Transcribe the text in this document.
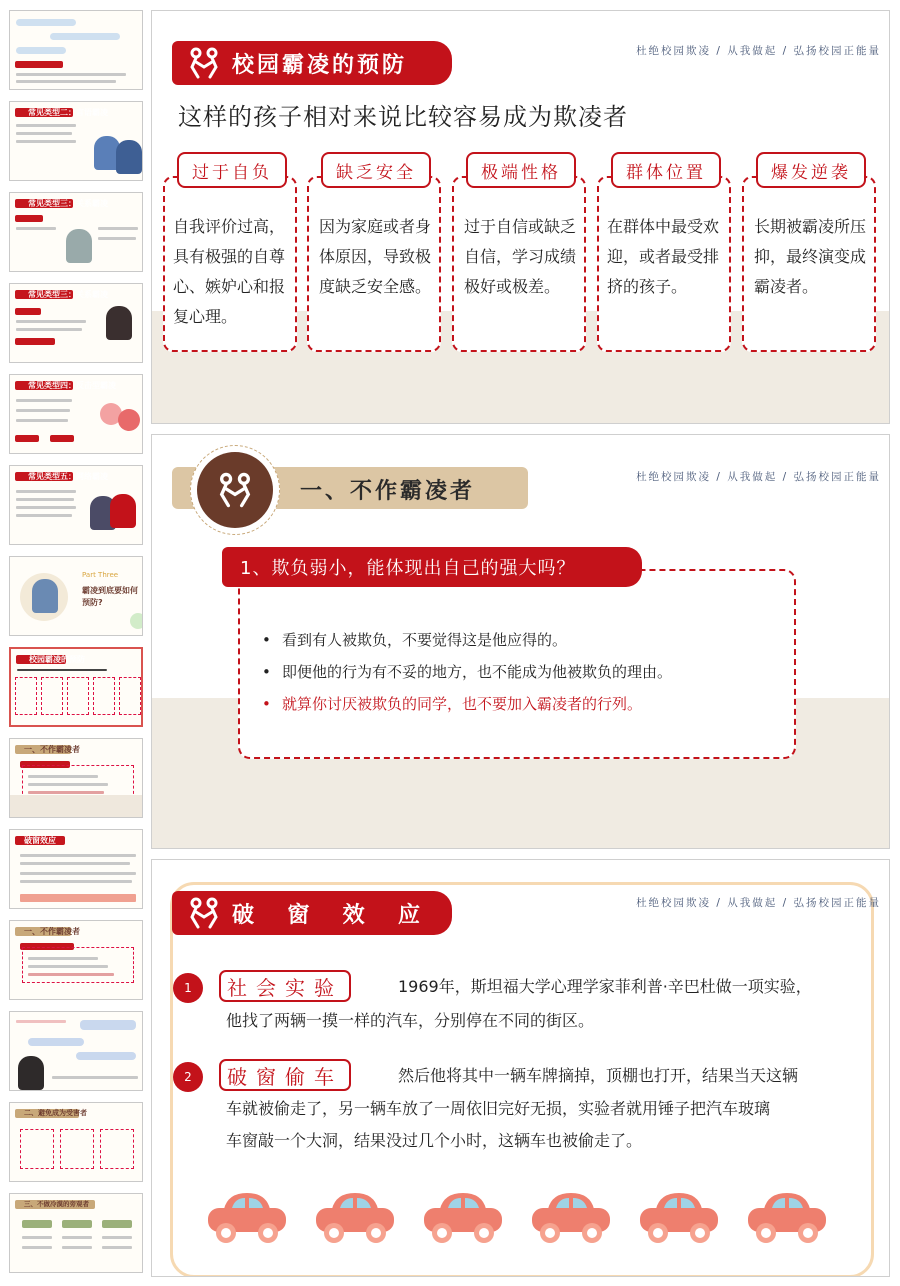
常见类型二：言语霸凌
常见类型三：关系霸凌
常见类型三：关系霸凌
常见类型四：反击型霸凌
常见类型五：网络霸凌
Part Three
霸凌到底要如何预防?
校园霸凌的预防
一、不作霸凌者
破窗效应
一、不作霸凌者
二、避免成为受害者
三、不做冷漠的旁观者
杜绝校园欺凌 / 从我做起 / 弘扬校园正能量
校园霸凌的预防
这样的孩子相对来说比较容易成为欺凌者
过于自负
自我评价过高，具有极强的自尊心、嫉妒心和报复心理。
缺乏安全
因为家庭或者身体原因，导致极度缺乏安全感。
极端性格
过于自信或缺乏自信，学习成绩极好或极差。
群体位置
在群体中最受欢迎，或者最受排挤的孩子。
爆发逆袭
长期被霸凌所压抑，最终演变成霸凌者。
杜绝校园欺凌 / 从我做起 / 弘扬校园正能量
一、不作霸凌者
1、欺负弱小，能体现出自己的强大吗？
• 看到有人被欺负，不要觉得这是他应得的。
• 即便他的行为有不妥的地方，也不能成为他被欺负的理由。
• 就算你讨厌被欺负的同学，也不要加入霸凌者的行列。
杜绝校园欺凌 / 从我做起 / 弘扬校园正能量
破  窗  效  应
1	社会实验	1969年，斯坦福大学心理学家菲利普·辛巴杜做一项实验，
他找了两辆一摸一样的汽车，分别停在不同的街区。
2	破窗偷车	然后他将其中一辆车牌摘掉，顶棚也打开，结果当天这辆
车就被偷走了，另一辆车放了一周依旧完好无损，实验者就用锤子把汽车玻璃
车窗敲一个大洞，结果没过几个小时，这辆车也被偷走了。
